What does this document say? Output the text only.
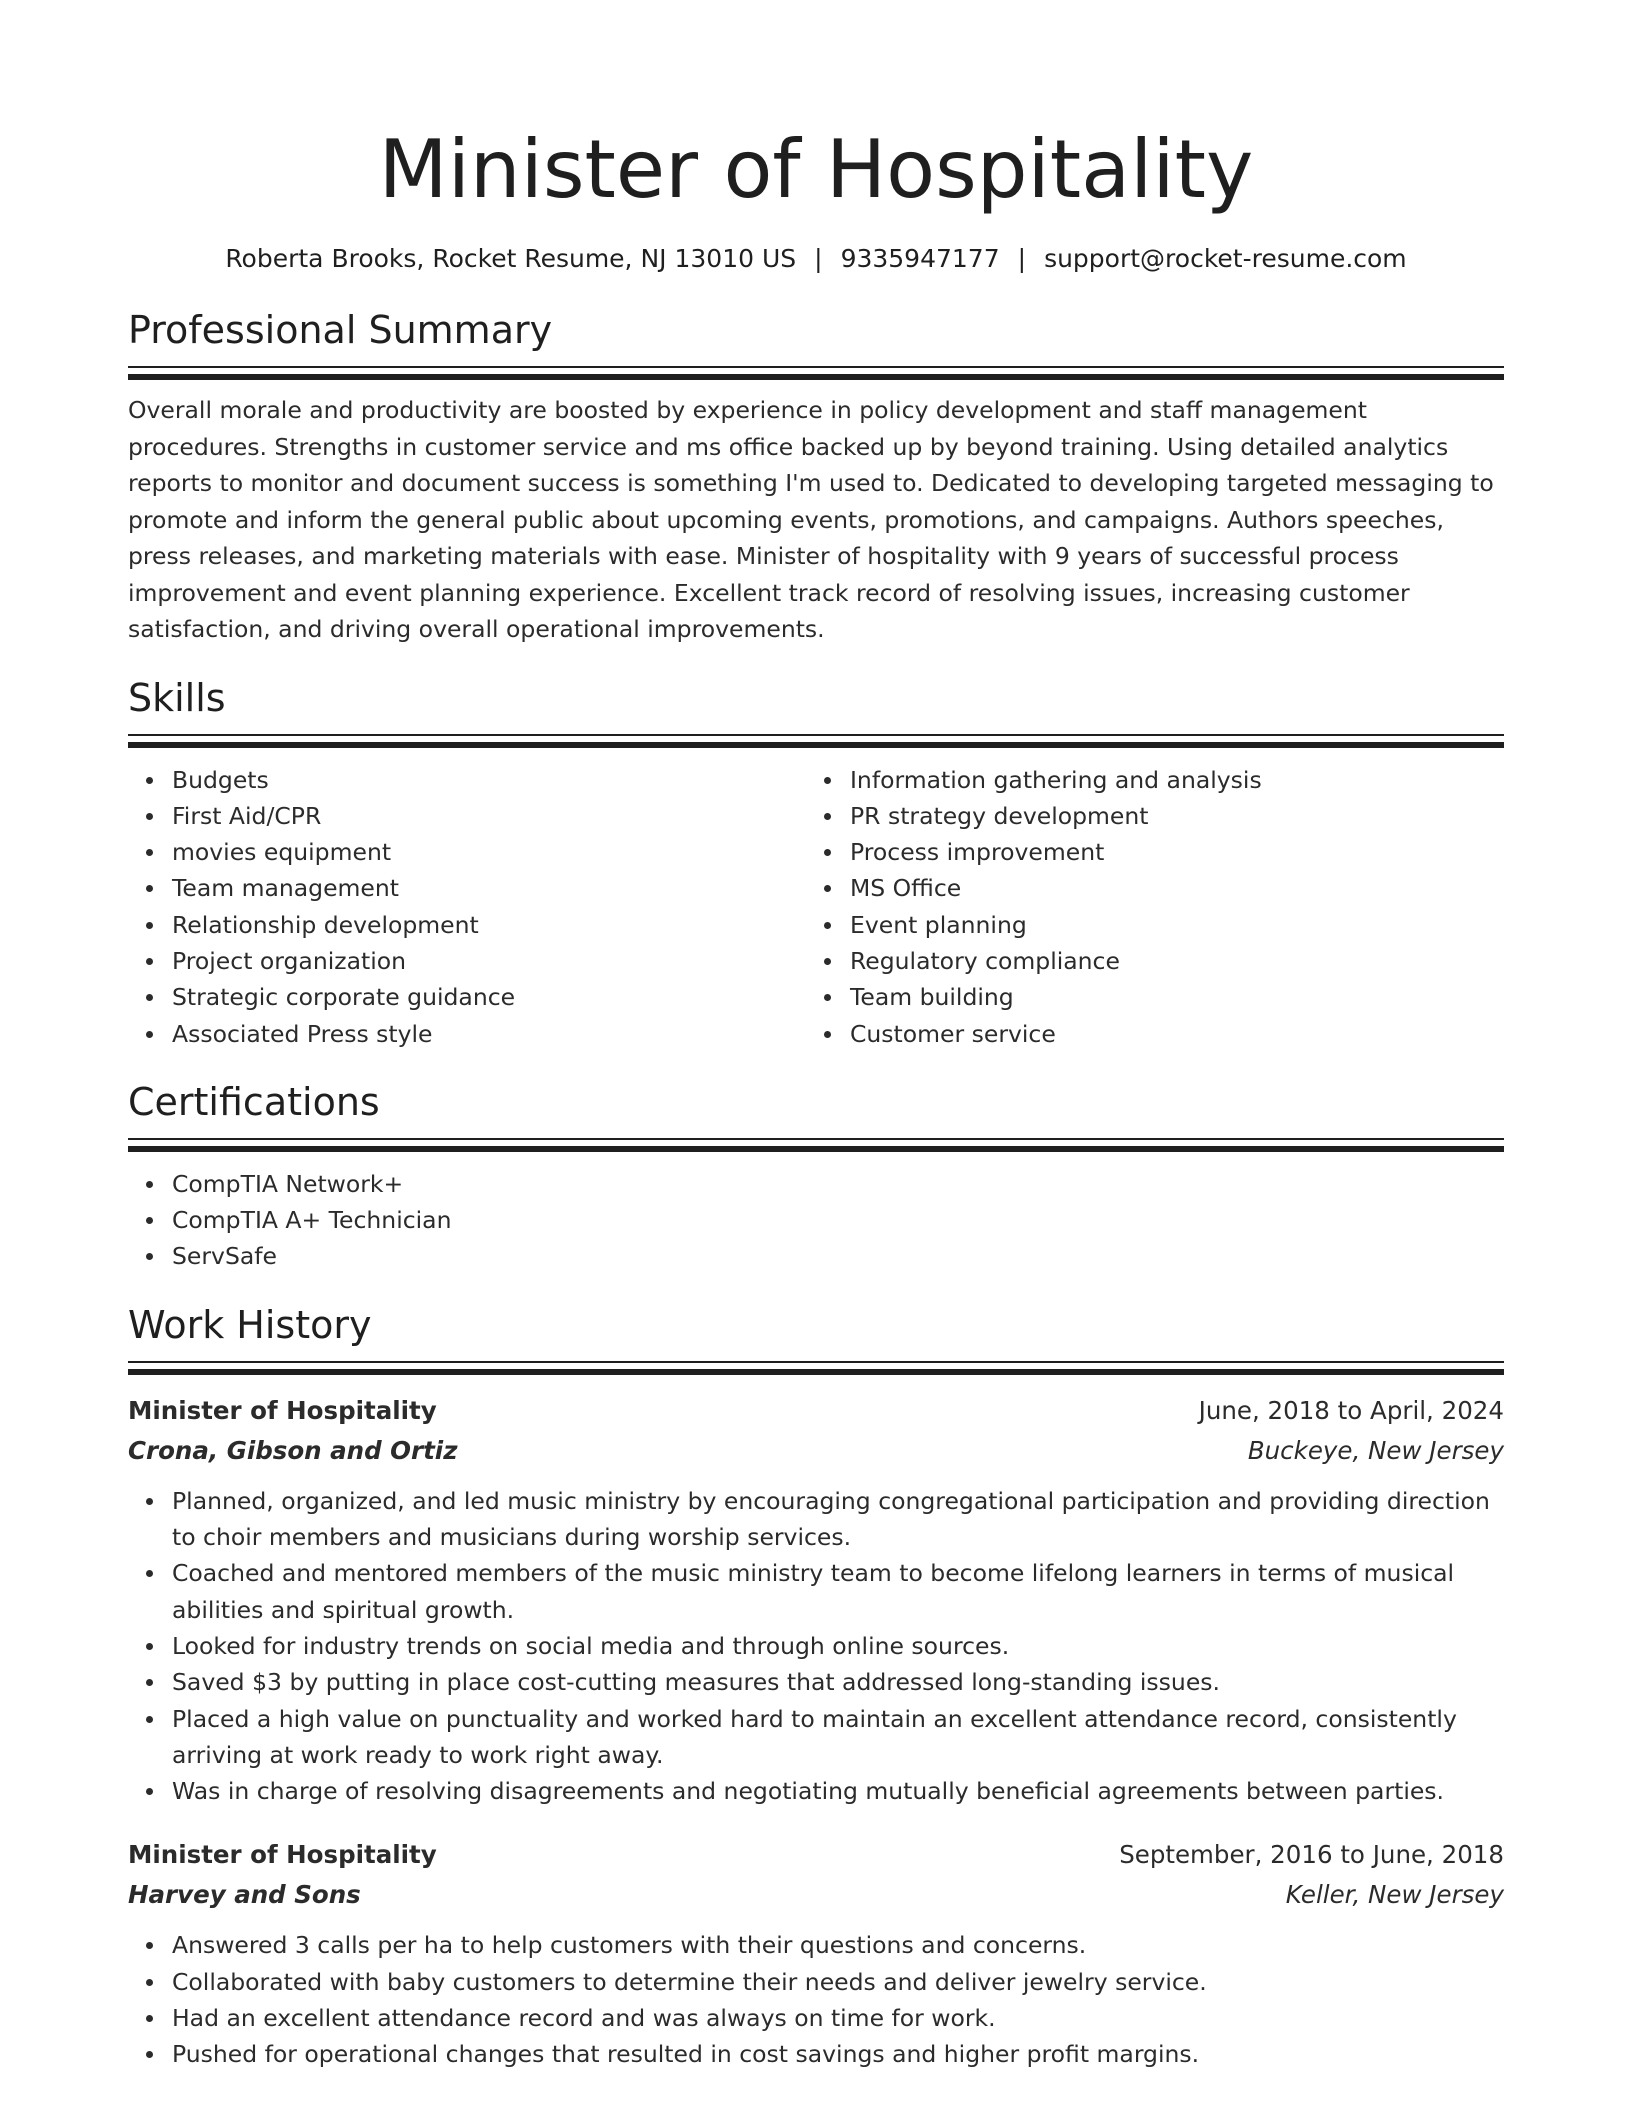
Minister of Hospitality
Roberta Brooks, Rocket Resume, NJ 13010 US | 9335947177 | support@rocket-resume.com
Professional Summary
Overall morale and productivity are boosted by experience in policy development and staff management procedures. Strengths in customer service and ms office backed up by beyond training. Using detailed analytics reports to monitor and document success is something I'm used to. Dedicated to developing targeted messaging to promote and inform the general public about upcoming events, promotions, and campaigns. Authors speeches, press releases, and marketing materials with ease. Minister of hospitality with 9 years of successful process improvement and event planning experience. Excellent track record of resolving issues, increasing customer satisfaction, and driving overall operational improvements.
Skills
Budgets
First Aid/CPR
movies equipment
Team management
Relationship development
Project organization
Strategic corporate guidance
Associated Press style
Information gathering and analysis
PR strategy development
Process improvement
MS Office
Event planning
Regulatory compliance
Team building
Customer service
Certifications
CompTIA Network+
CompTIA A+ Technician
ServSafe
Work History
Minister of Hospitality	June, 2018 to April, 2024
Crona, Gibson and Ortiz	Buckeye, New Jersey
Planned, organized, and led music ministry by encouraging congregational participation and providing direction to choir members and musicians during worship services.
Coached and mentored members of the music ministry team to become lifelong learners in terms of musical abilities and spiritual growth.
Looked for industry trends on social media and through online sources.
Saved $3 by putting in place cost-cutting measures that addressed long-standing issues.
Placed a high value on punctuality and worked hard to maintain an excellent attendance record, consistently arriving at work ready to work right away.
Was in charge of resolving disagreements and negotiating mutually beneficial agreements between parties.
Minister of Hospitality	September, 2016 to June, 2018
Harvey and Sons	Keller, New Jersey
Answered 3 calls per ha to help customers with their questions and concerns.
Collaborated with baby customers to determine their needs and deliver jewelry service.
Had an excellent attendance record and was always on time for work.
Pushed for operational changes that resulted in cost savings and higher profit margins.
